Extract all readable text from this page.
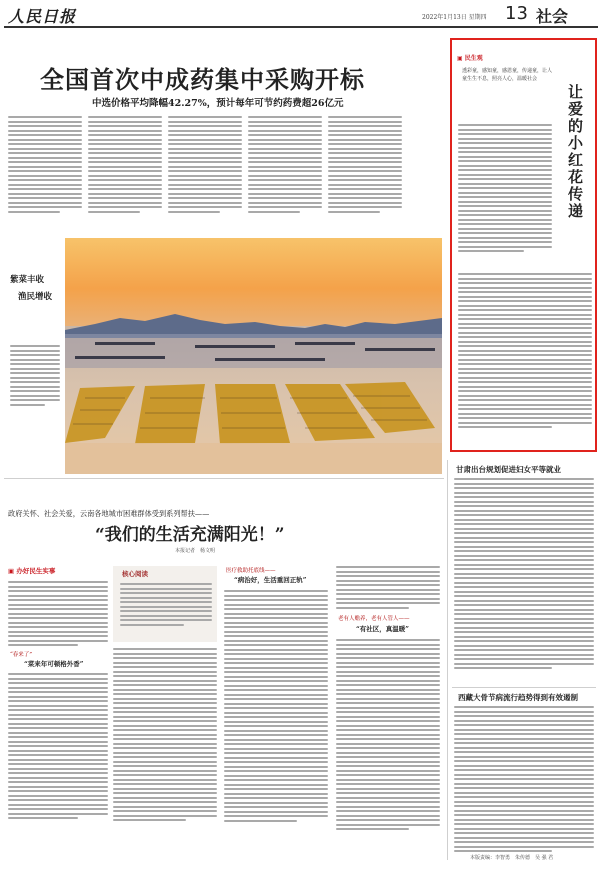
人民日报	2022年1月13日 星期四 13 社会
全国首次中成药集中采购开标
中选价格平均降幅42.27%，预计每年可节约药费超26亿元
紫菜丰收
渔民增收
▣ 民生观
透彩童，感知童，感恩童，传递童，让人童生生不息，照亮人心，温暖社会
让爱的小红花传递
甘肃出台规划促进妇女平等就业
西藏大骨节病流行趋势得到有效遏制
政府关怀、社会关爱，云南各地城市困难群体受到系列帮扶——
“我们的生活充满阳光！”
本报记者　杨文明
▣ 办好民生实事
“春来了”
“菜来年可顿格外香”
核心阅读	医疗救助托底线——
“病治好，生活重回正轨”
老有人赡养，老有人管人——
“有社区，真温暖”
本版责编：李智勇　朱传德　吴 强 君
